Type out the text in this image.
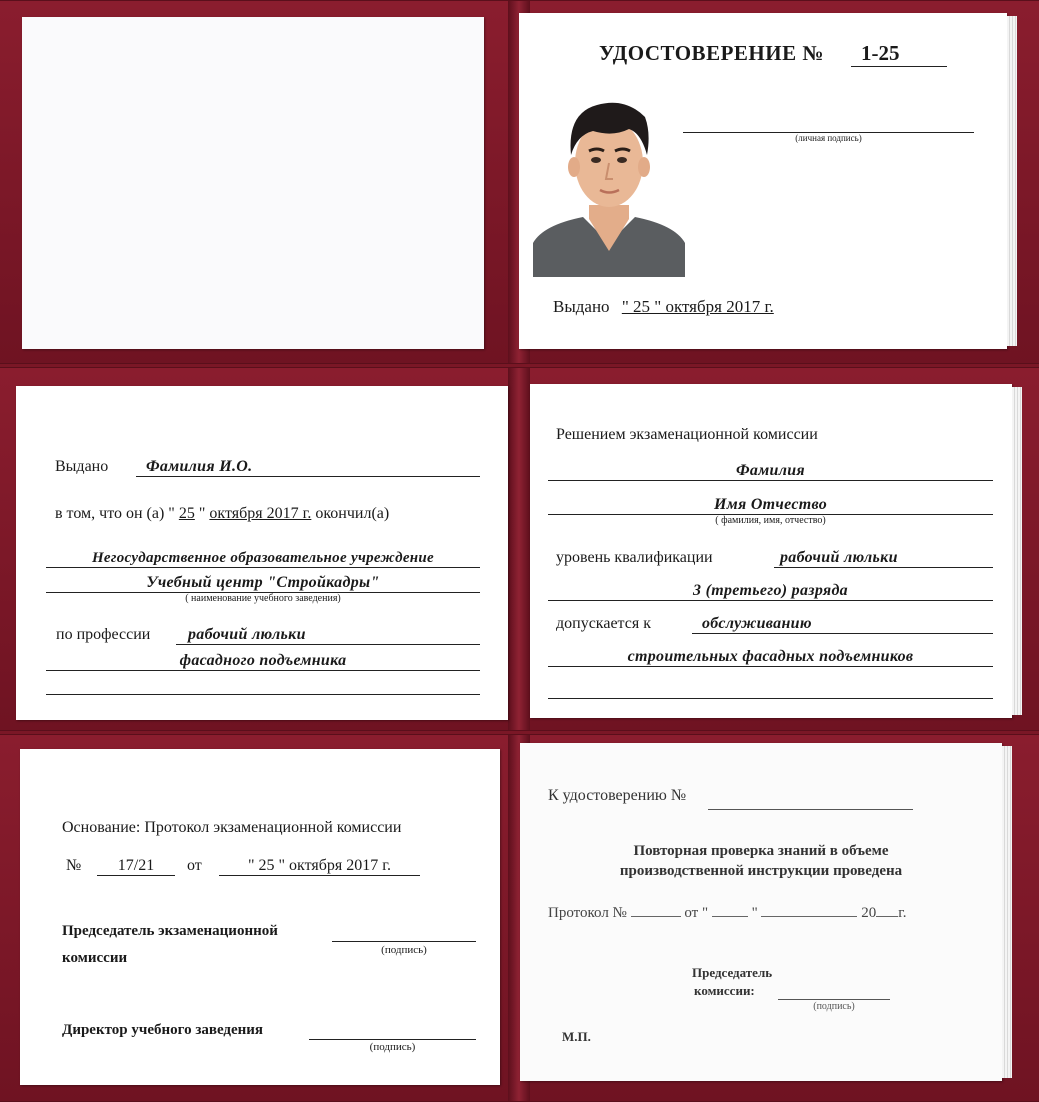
УДОСТОВЕРЕНИЕ №	1-25
(личная подпись)
Выдано " 25 " октября 2017 г.
Выдано	Фамилия И.О.
в том, что он (а) " 25 " октября 2017 г. окончил(а)
Негосударственное образовательное учреждение
Учебный центр "Стройкадры"
( наименование учебного заведения)
по профессии	рабочий люльки
фасадного подъемника
Решением экзаменационной комиссии
Фамилия
Имя Отчество
( фамилия, имя, отчество)
уровень квалификации	рабочий люльки
3 (третьего) разряда
допускается к	обслуживанию
строительных фасадных подъемников
Основание: Протокол экзаменационной комиссии
№	17/21	от	" 25 " октября 2017 г.
Председатель экзаменационной
комиссии	(подпись)
Директор учебного заведения
(подпись)
К удостоверению №
Повторная проверка знаний в объеме
производственной инструкции проведена
Протокол №	от "	"	20 г.
Председатель
комиссии:
(подпись)
М.П.
